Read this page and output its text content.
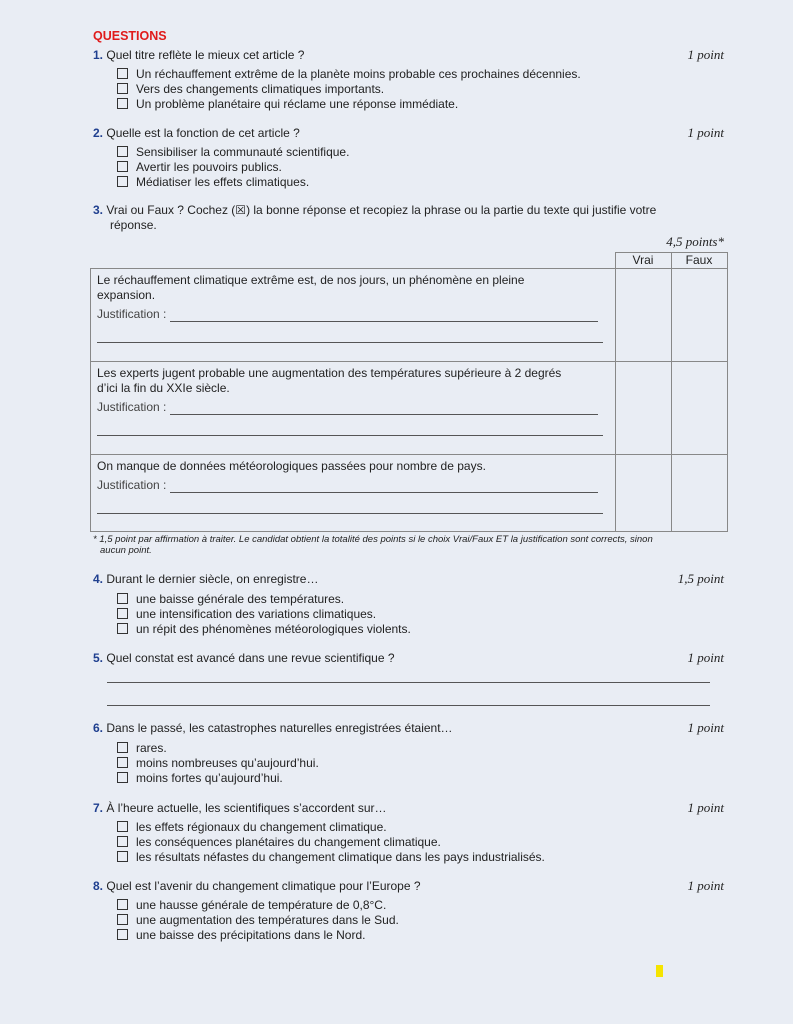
QUESTIONS
1. Quel titre reflète le mieux cet article ?	1 point
Un réchauffement extrême de la planète moins probable ces prochaines décennies.
Vers des changements climatiques importants.
Un problème planétaire qui réclame une réponse immédiate.
2. Quelle est la fonction de cet article ?	1 point
Sensibiliser la communauté scientifique.
Avertir les pouvoirs publics.
Médiatiser les effets climatiques.
3. Vrai ou Faux ? Cochez (☒) la bonne réponse et recopiez la phrase ou la partie du texte qui justifie votre
réponse.
4,5 points*
	Vrai	Faux

Le réchauffement climatique extrême est, de nos jours, un phénomène en pleine
expansion.
Justification :		

Les experts jugent probable une augmentation des températures supérieure à 2 degrés
d’ici la fin du XXIe siècle.
Justification :		

On manque de données météorologiques passées pour nombre de pays.
Justification :		

* 1,5 point par affirmation à traiter. Le candidat obtient la totalité des points si le choix Vrai/Faux ET la justification sont corrects, sinon
aucun point.
4. Durant le dernier siècle, on enregistre…	1,5 point
une baisse générale des températures.
une intensification des variations climatiques.
un répit des phénomènes météorologiques violents.
5. Quel constat est avancé dans une revue scientifique ?	1 point
6. Dans le passé, les catastrophes naturelles enregistrées étaient…	1 point
rares.
moins nombreuses qu’aujourd’hui.
moins fortes qu’aujourd’hui.
7. À l’heure actuelle, les scientifiques s’accordent sur…	1 point
les effets régionaux du changement climatique.
les conséquences planétaires du changement climatique.
les résultats néfastes du changement climatique dans les pays industrialisés.
8. Quel est l’avenir du changement climatique pour l’Europe ?	1 point
une hausse générale de température de 0,8°C.
une augmentation des températures dans le Sud.
une baisse des précipitations dans le Nord.
